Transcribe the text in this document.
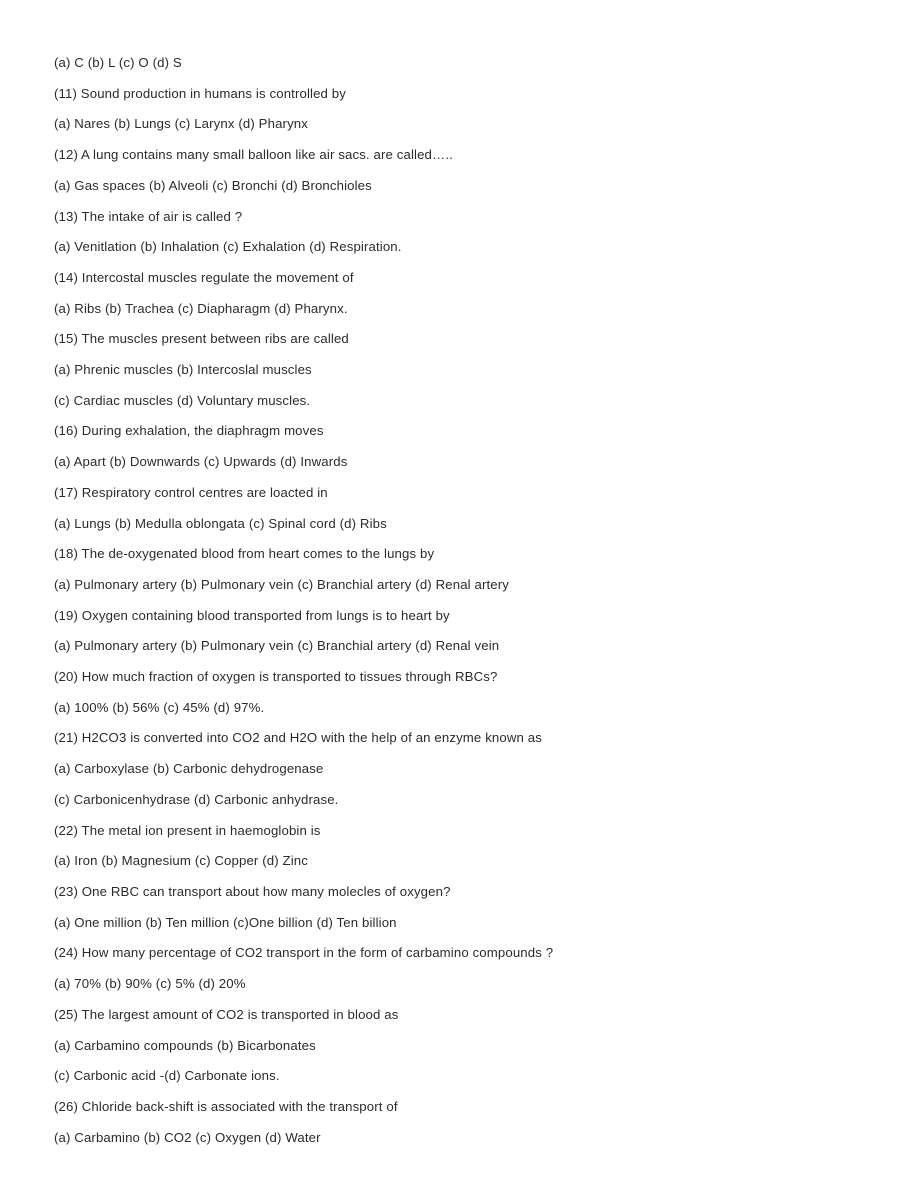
(a) C (b) L (c) O (d) S
(11) Sound production in humans is controlled by
(a) Nares (b) Lungs (c) Larynx (d) Pharynx
(12) A lung contains many small balloon like air sacs. are called…..
(a) Gas spaces (b) Alveoli (c) Bronchi (d) Bronchioles
(13) The intake of air is called ?
(a) Venitlation (b) Inhalation (c) Exhalation (d) Respiration.
(14) Intercostal muscles regulate the movement of
(a) Ribs (b) Trachea (c) Diapharagm (d) Pharynx.
(15) The muscles present between ribs are called
(a) Phrenic muscles (b) Intercoslal muscles
(c) Cardiac muscles (d) Voluntary muscles.
(16) During exhalation, the diaphragm moves
(a) Apart (b) Downwards (c) Upwards (d) Inwards
(17) Respiratory control centres are loacted in
(a) Lungs (b) Medulla oblongata (c) Spinal cord (d) Ribs
(18) The de-oxygenated blood from heart comes to the lungs by
(a) Pulmonary artery (b) Pulmonary vein (c) Branchial artery (d) Renal artery
(19) Oxygen containing blood transported from lungs is to heart by
(a) Pulmonary artery (b) Pulmonary vein (c) Branchial artery (d) Renal vein
(20) How much fraction of oxygen is transported to tissues through RBCs?
(a) 100% (b) 56% (c) 45% (d) 97%.
(21) H2CO3 is converted into CO2 and H2O with the help of an enzyme known as
(a) Carboxylase (b) Carbonic dehydrogenase
(c) Carbonicenhydrase (d) Carbonic anhydrase.
(22) The metal ion present in haemoglobin is
(a) Iron (b) Magnesium (c) Copper (d) Zinc
(23) One RBC can transport about how many molecles of oxygen?
(a) One million (b) Ten million (c)One billion (d) Ten billion
(24) How many percentage of CO2 transport in the form of carbamino compounds ?
(a) 70% (b) 90% (c) 5% (d) 20%
(25) The largest amount of CO2 is transported in blood as
(a) Carbamino compounds (b) Bicarbonates
(c) Carbonic acid -(d) Carbonate ions.
(26) Chloride back-shift is associated with the transport of
(a) Carbamino (b) CO2 (c) Oxygen (d) Water
